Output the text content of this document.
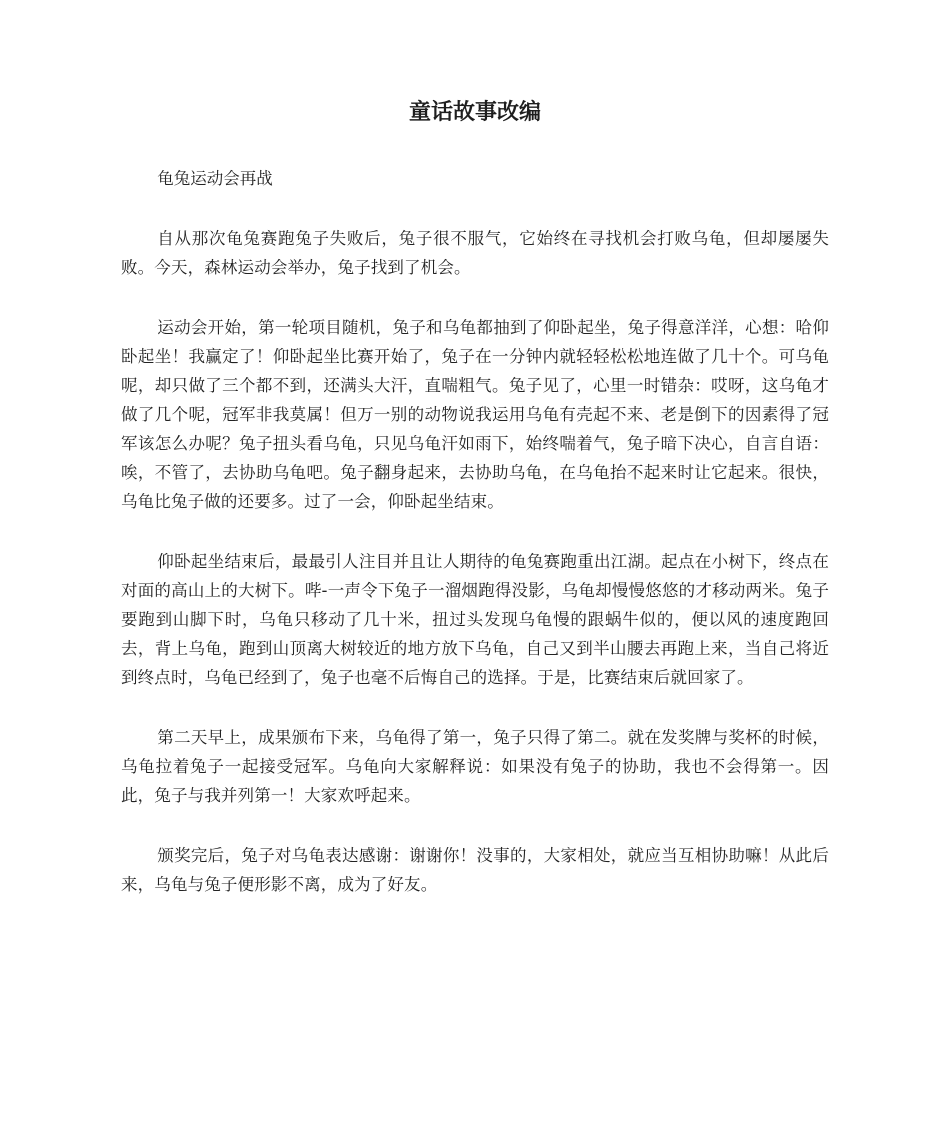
童话故事改编

龟兔运动会再战

自从那次龟兔赛跑兔子失败后，兔子很不服气，它始终在寻找机会打败乌龟，但却屡屡失败。今天，森林运动会举办，兔子找到了机会。

运动会开始，第一轮项目随机，兔子和乌龟都抽到了仰卧起坐，兔子得意洋洋，心想：哈仰卧起坐！我赢定了！仰卧起坐比赛开始了，兔子在一分钟内就轻轻松松地连做了几十个。可乌龟呢，却只做了三个都不到，还满头大汗，直喘粗气。兔子见了，心里一时错杂：哎呀，这乌龟才做了几个呢，冠军非我莫属！但万一别的动物说我运用乌龟有壳起不来、老是倒下的因素得了冠军该怎么办呢？兔子扭头看乌龟，只见乌龟汗如雨下，始终喘着气，兔子暗下决心，自言自语：唉，不管了，去协助乌龟吧。兔子翻身起来，去协助乌龟，在乌龟抬不起来时让它起来。很快，乌龟比兔子做的还要多。过了一会，仰卧起坐结束。

仰卧起坐结束后，最最引人注目并且让人期待的龟兔赛跑重出江湖。起点在小树下，终点在对面的高山上的大树下。哔-一声令下兔子一溜烟跑得没影，乌龟却慢慢悠悠的才移动两米。兔子要跑到山脚下时，乌龟只移动了几十米，扭过头发现乌龟慢的跟蜗牛似的，便以风的速度跑回去，背上乌龟，跑到山顶离大树较近的地方放下乌龟，自己又到半山腰去再跑上来，当自己将近到终点时，乌龟已经到了，兔子也毫不后悔自己的选择。于是，比赛结束后就回家了。

第二天早上，成果颁布下来，乌龟得了第一，兔子只得了第二。就在发奖牌与奖杯的时候，乌龟拉着兔子一起接受冠军。乌龟向大家解释说：如果没有兔子的协助，我也不会得第一。因此，兔子与我并列第一！大家欢呼起来。

颁奖完后，兔子对乌龟表达感谢：谢谢你！没事的，大家相处，就应当互相协助嘛！从此后来，乌龟与兔子便形影不离，成为了好友。
